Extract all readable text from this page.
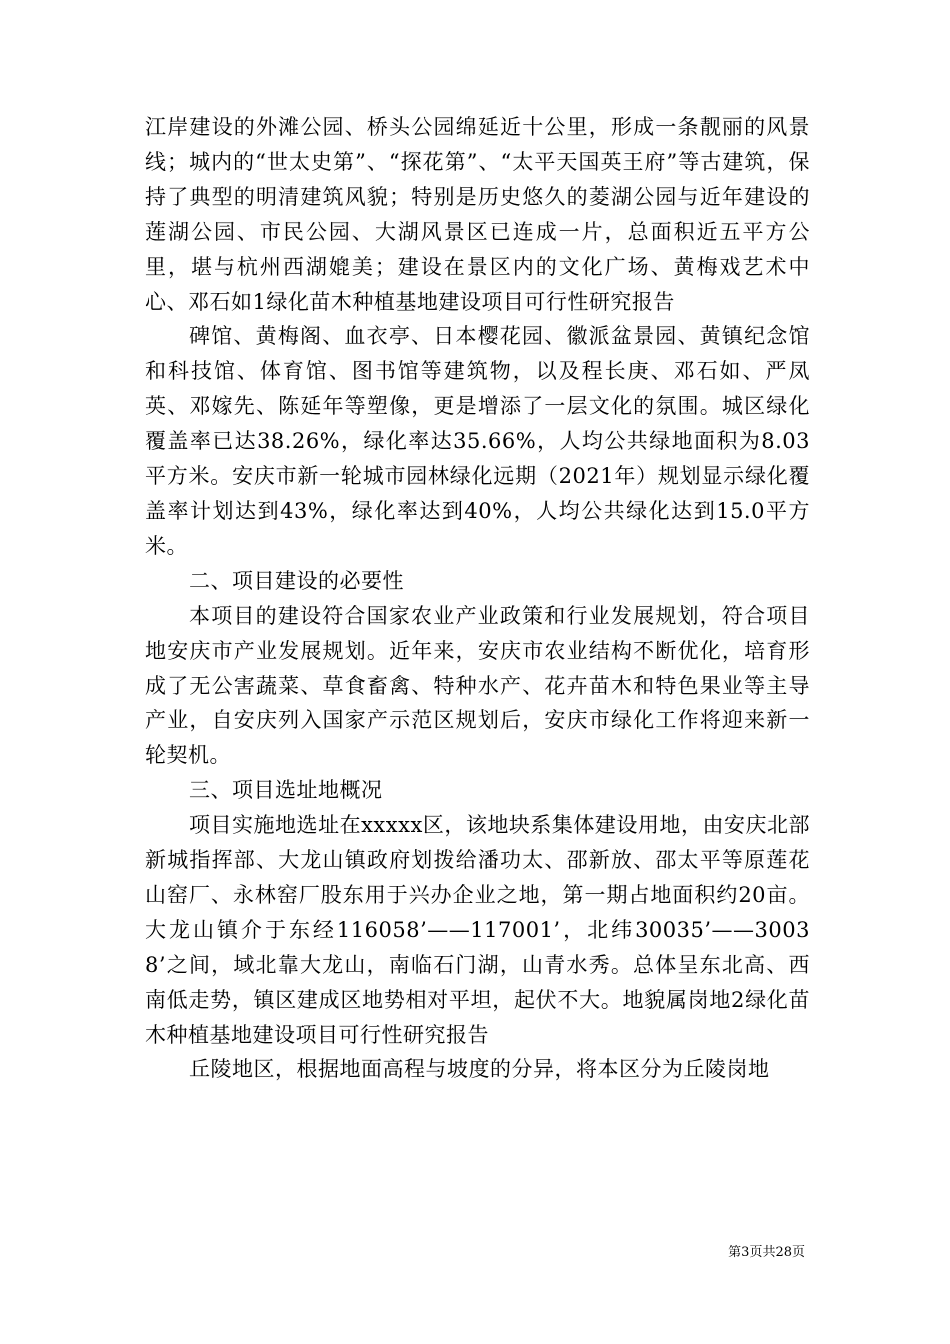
江岸建设的外滩公园、桥头公园绵延近十公里，形成一条靓丽的风景线；城内的“世太史第”、“探花第”、“太平天国英王府”等古建筑，保持了典型的明清建筑风貌；特别是历史悠久的菱湖公园与近年建设的莲湖公园、市民公园、大湖风景区已连成一片，总面积近五平方公里，堪与杭州西湖媲美；建设在景区内的文化广场、黄梅戏艺术中心、邓石如1绿化苗木种植基地建设项目可行性研究报告

碑馆、黄梅阁、血衣亭、日本樱花园、徽派盆景园、黄镇纪念馆和科技馆、体育馆、图书馆等建筑物，以及程长庚、邓石如、严凤英、邓嫁先、陈延年等塑像，更是增添了一层文化的氛围。城区绿化覆盖率已达38.26%，绿化率达35.66%，人均公共绿地面积为8.03平方米。安庆市新一轮城市园林绿化远期（2021年）规划显示绿化覆盖率计划达到43%，绿化率达到40%，人均公共绿化达到15.0平方米。

二、项目建设的必要性

本项目的建设符合国家农业产业政策和行业发展规划，符合项目地安庆市产业发展规划。近年来，安庆市农业结构不断优化，培育形成了无公害蔬菜、草食畜禽、特种水产、花卉苗木和特色果业等主导产业，自安庆列入国家产示范区规划后，安庆市绿化工作将迎来新一轮契机。

三、项目选址地概况

项目实施地选址在xxxxx区，该地块系集体建设用地，由安庆北部新城指挥部、大龙山镇政府划拨给潘功太、邵新放、邵太平等原莲花山窑厂、永林窑厂股东用于兴办企业之地，第一期占地面积约20亩。大龙山镇介于东经116058’——117001’，北纬30035’——30038’之间，域北靠大龙山，南临石门湖，山青水秀。总体呈东北高、西南低走势，镇区建成区地势相对平坦，起伏不大。地貌属岗地2绿化苗木种植基地建设项目可行性研究报告

丘陵地区，根据地面高程与坡度的分异，将本区分为丘陵岗地

第3页共28页
